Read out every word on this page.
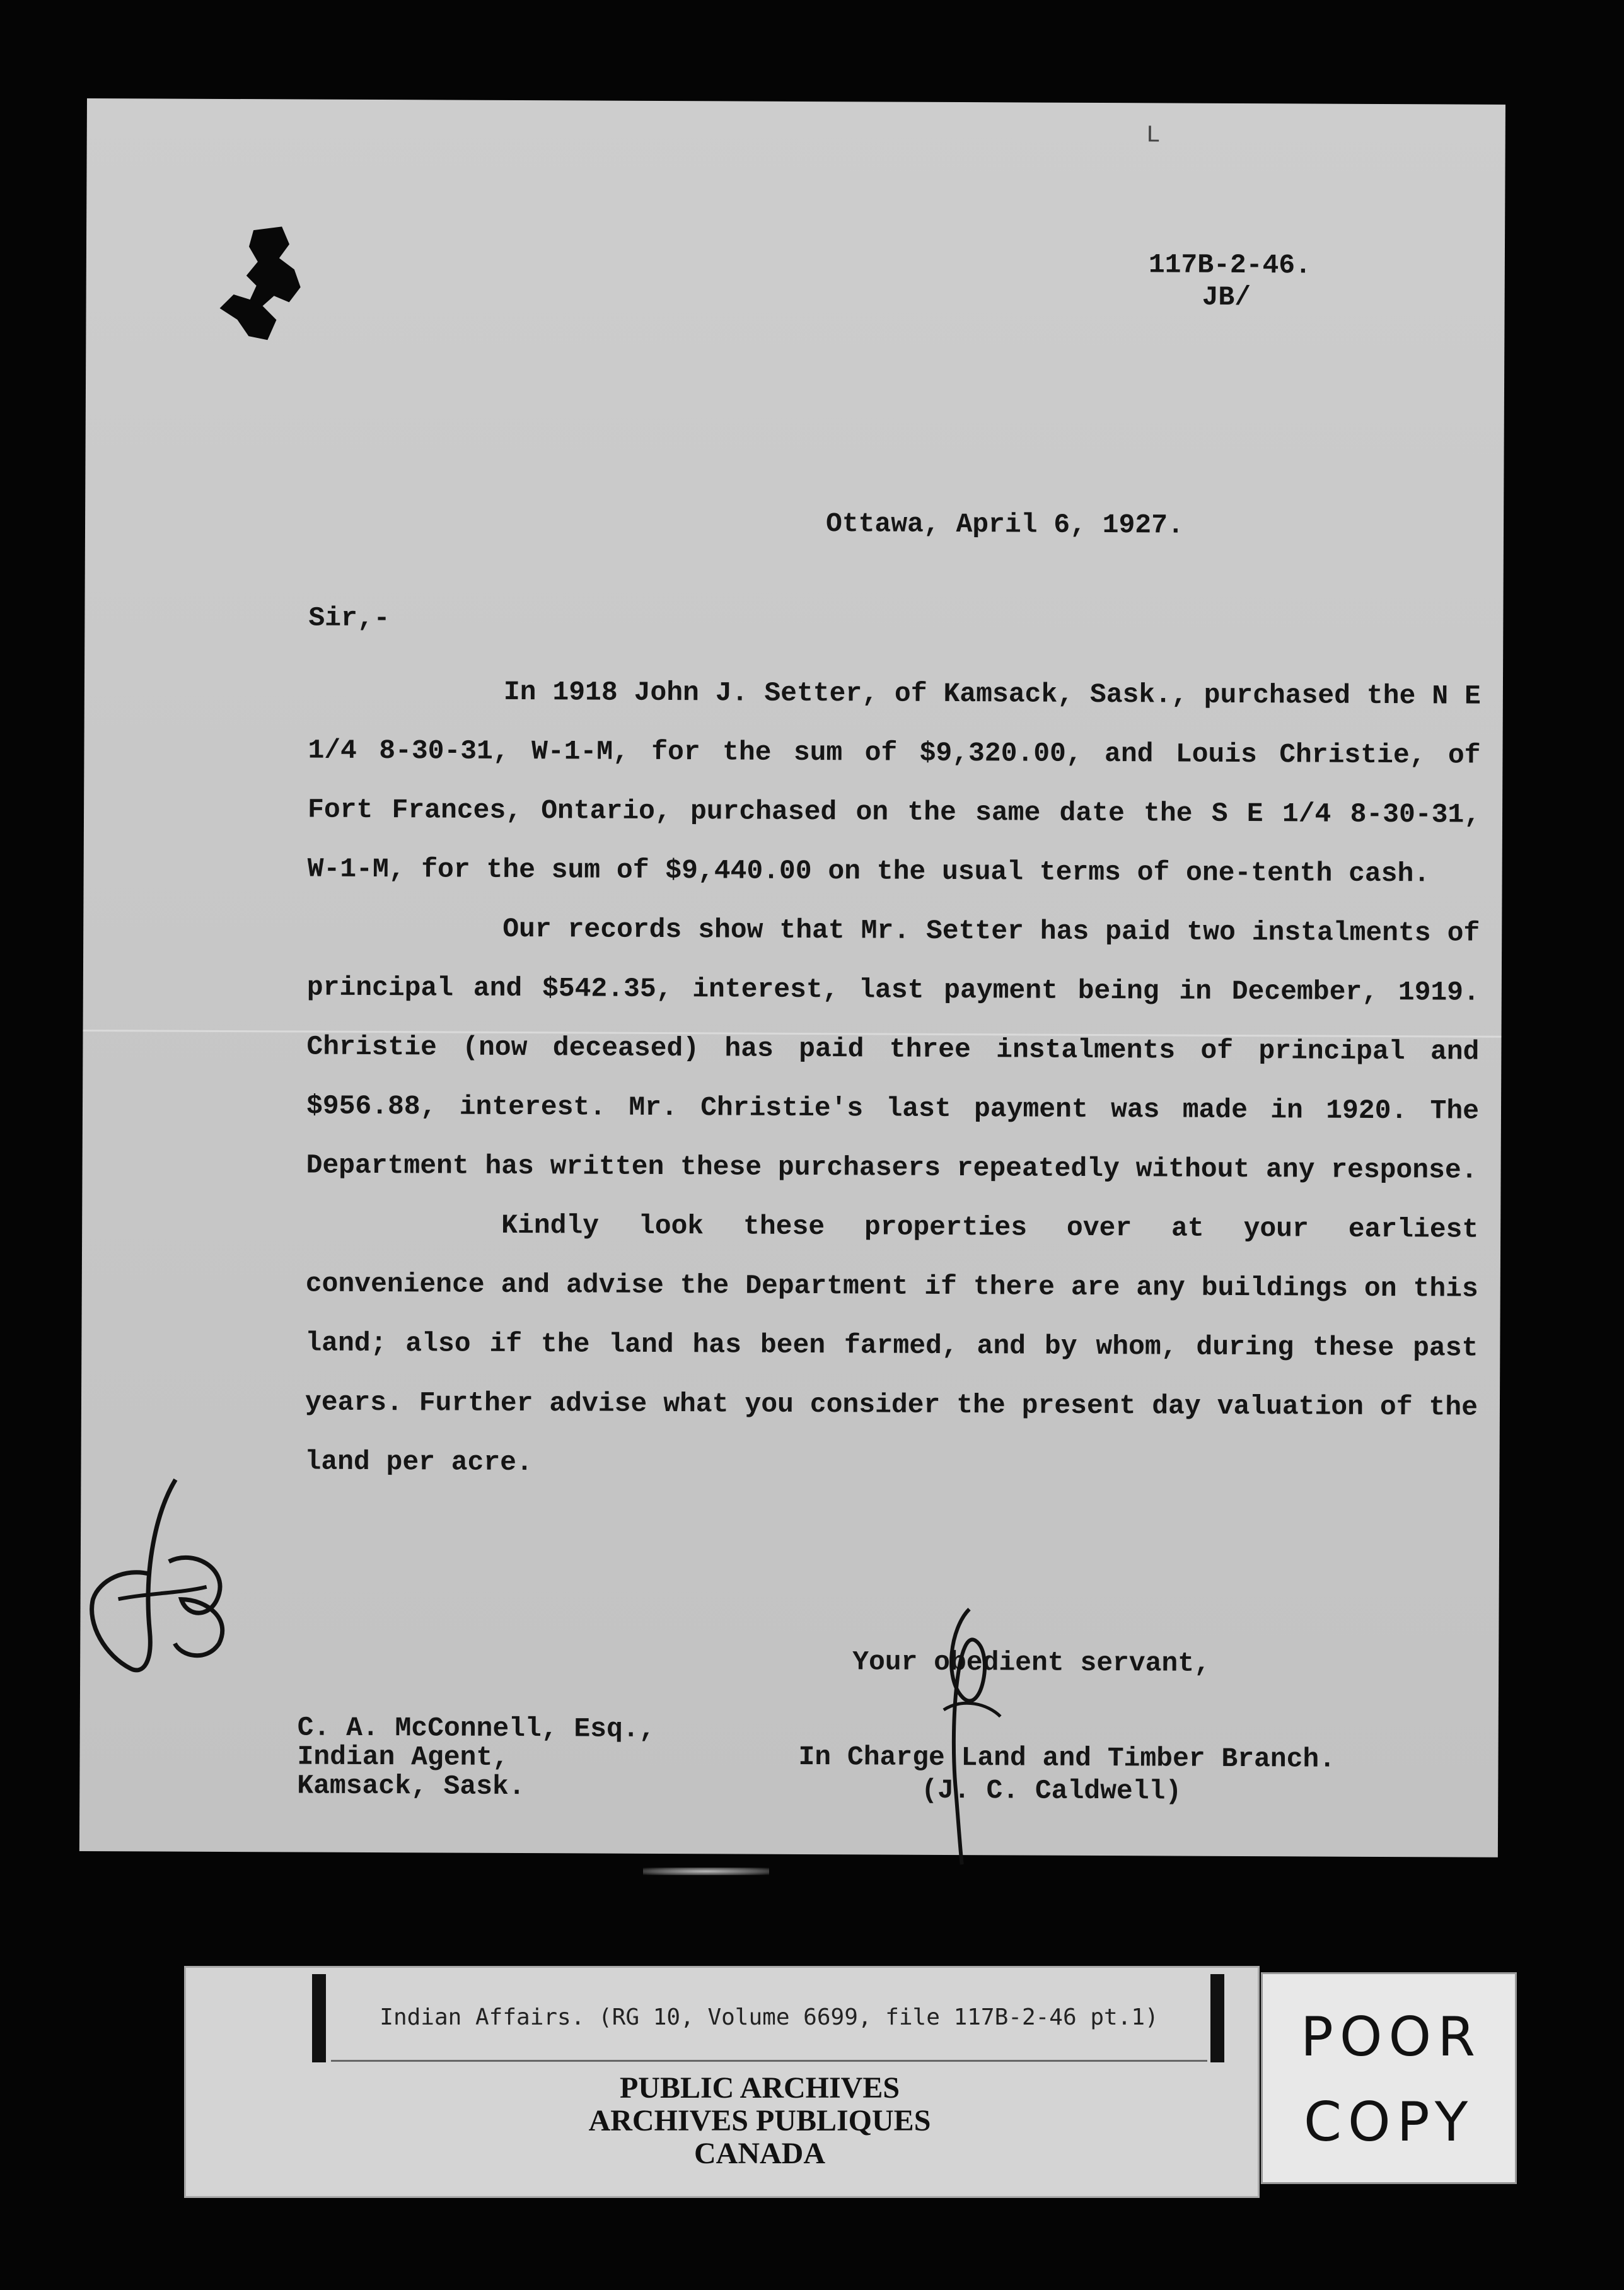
L
117B-2-46.
JB/
Ottawa, April 6, 1927.
Sir,-

In 1918 John J. Setter, of Kamsack, Sask., purchased the N E 1/4 8-30-31, W-1-M, for the sum of $9,320.00, and Louis Christie, of Fort Frances, Ontario, purchased on the same date the S E 1/4 8-30-31, W-1-M, for the sum of $9,440.00 on the usual terms of one-tenth cash.

Our records show that Mr. Setter has paid two instalments of principal and $542.35, interest, last payment being in December, 1919. Christie (now deceased) has paid three instalments of principal and $956.88, interest. Mr. Christie's last payment was made in 1920. The Department has written these purchasers repeatedly without any response.

Kindly look these properties over at your earliest convenience and advise the Department if there are any buildings on this land; also if the land has been farmed, and by whom, during these past years. Further advise what you consider the present day valuation of the land per acre.

Your obedient servant,
C. A. McConnell, Esq.,
Indian Agent,
Kamsack, Sask.
In Charge Land and Timber Branch.
(J. C. Caldwell)
Indian Affairs. (RG 10, Volume 6699, file 117B-2-46 pt.1)
PUBLIC ARCHIVES
ARCHIVES PUBLIQUES
CANADA
POOR
COPY
